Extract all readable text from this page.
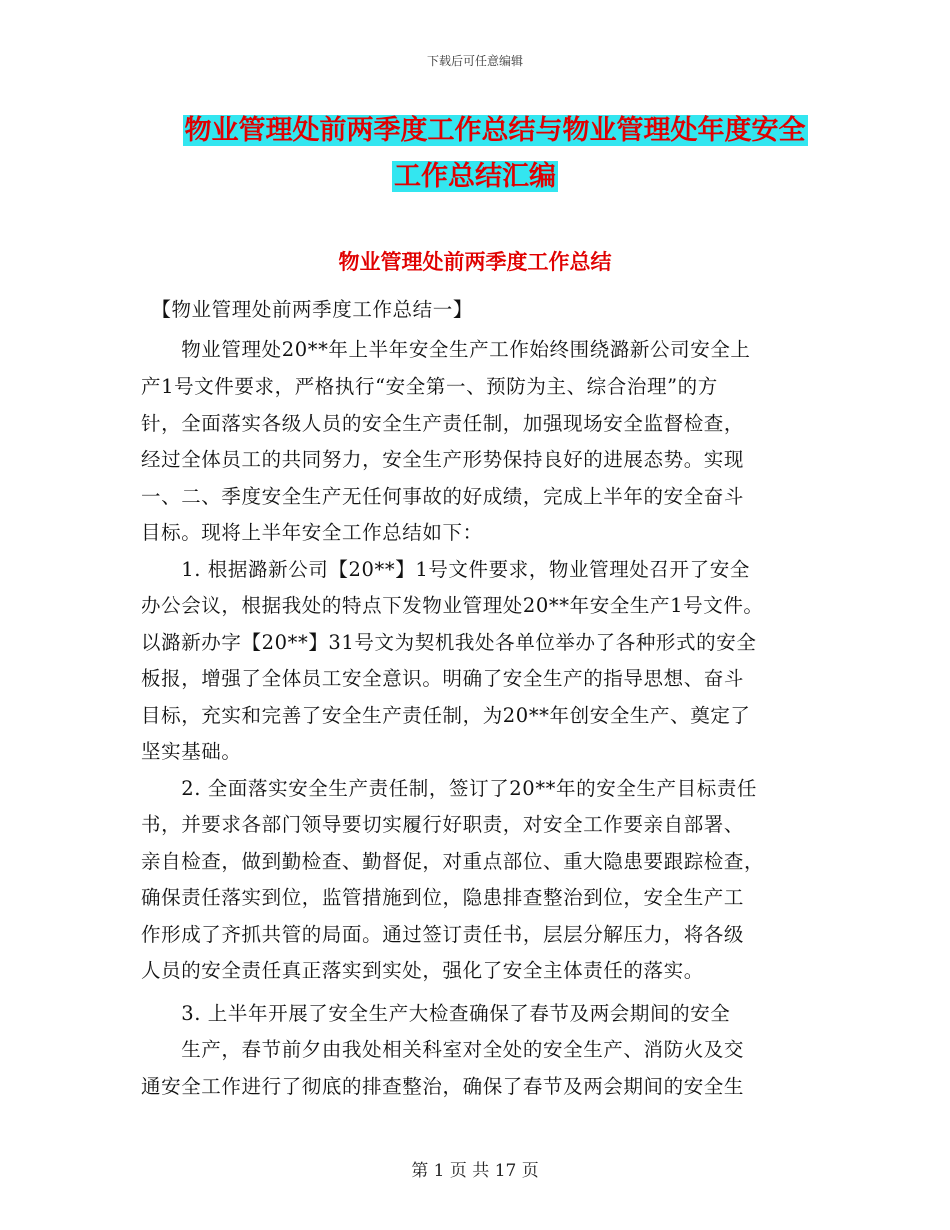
下载后可任意编辑
物业管理处前两季度工作总结与物业管理处年度安全
工作总结汇编
物业管理处前两季度工作总结
　【物业管理处前两季度工作总结一】
　　物业管理处20**年上半年安全生产工作始终围绕潞新公司安全上
产1号文件要求，严格执行“安全第一、预防为主、综合治理”的方
针，全面落实各级人员的安全生产责任制，加强现场安全监督检查，
经过全体员工的共同努力，安全生产形势保持良好的进展态势。实现
一、二、季度安全生产无任何事故的好成绩，完成上半年的安全奋斗
目标。现将上半年安全工作总结如下：
　　1. 根据潞新公司【20**】1号文件要求，物业管理处召开了安全
办公会议，根据我处的特点下发物业管理处20**年安全生产1号文件。
以潞新办字【20**】31号文为契机我处各单位举办了各种形式的安全
板报，增强了全体员工安全意识。明确了安全生产的指导思想、奋斗
目标，充实和完善了安全生产责任制，为20**年创安全生产、奠定了
坚实基础。
　　2. 全面落实安全生产责任制，签订了20**年的安全生产目标责任
书，并要求各部门领导要切实履行好职责，对安全工作要亲自部署、
亲自检查，做到勤检查、勤督促，对重点部位、重大隐患要跟踪检查，
确保责任落实到位，监管措施到位，隐患排查整治到位，安全生产工
作形成了齐抓共管的局面。通过签订责任书，层层分解压力，将各级
人员的安全责任真正落实到实处，强化了安全主体责任的落实。
　　3. 上半年开展了安全生产大检查确保了春节及两会期间的安全
　　生产，春节前夕由我处相关科室对全处的安全生产、消防火及交
通安全工作进行了彻底的排查整治，确保了春节及两会期间的安全生
第 1 页 共 17 页
